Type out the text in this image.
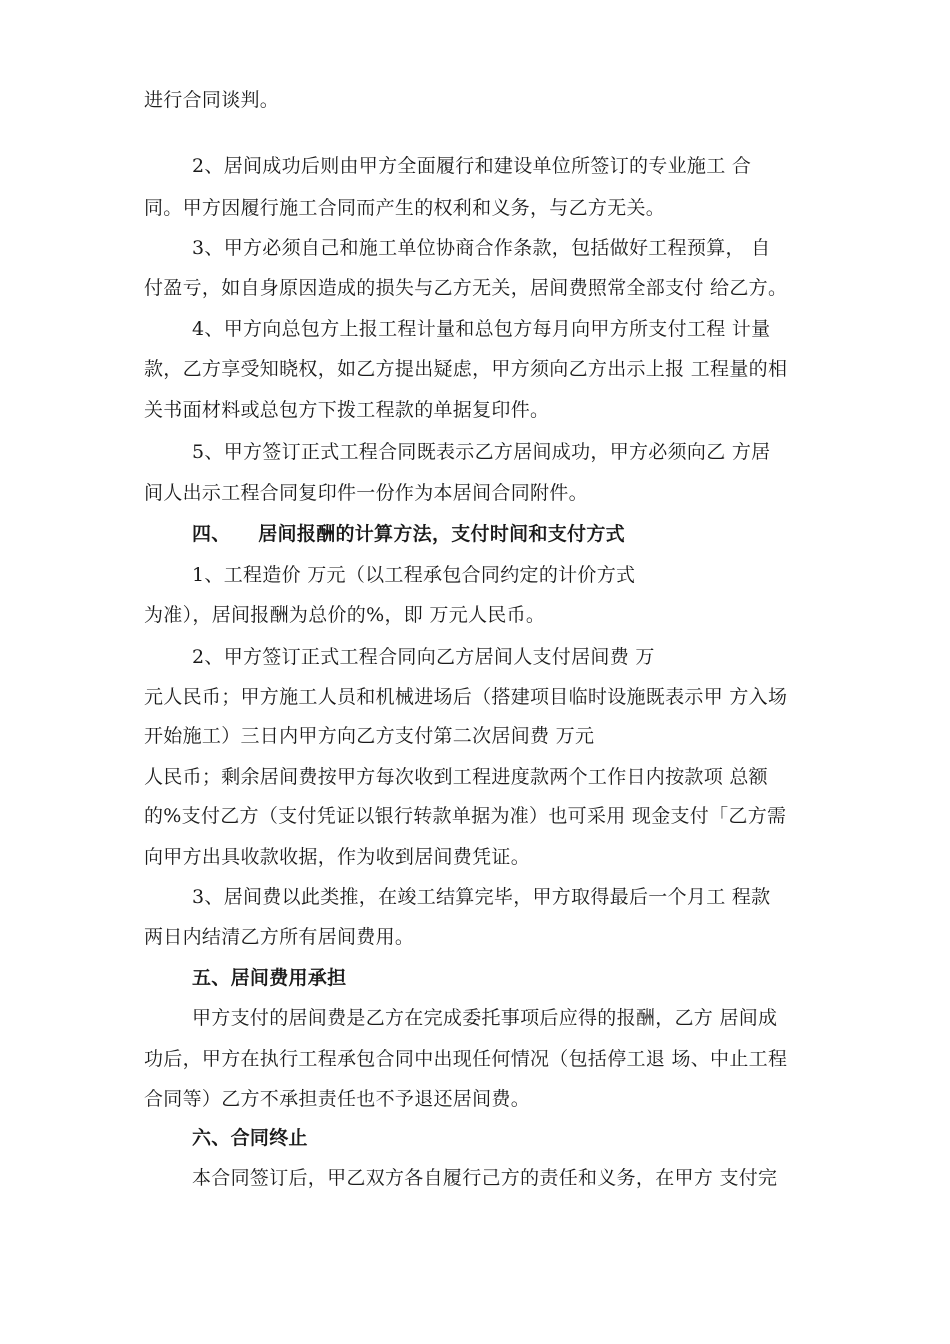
进行合同谈判。
2、居间成功后则由甲方全面履行和建设单位所签订的专业施工 合
同。甲方因履行施工合同而产生的权利和义务，与乙方无关。
3、甲方必须自己和施工单位协商合作条款，包括做好工程预算， 自
付盈亏，如自身原因造成的损失与乙方无关，居间费照常全部支付 给乙方。
4、甲方向总包方上报工程计量和总包方每月向甲方所支付工程 计量
款，乙方享受知晓权，如乙方提出疑虑，甲方须向乙方出示上报 工程量的相
关书面材料或总包方下拨工程款的单据复印件。
5、甲方签订正式工程合同既表示乙方居间成功，甲方必须向乙 方居
间人出示工程合同复印件一份作为本居间合同附件。
四、    居间报酬的计算方法，支付时间和支付方式
1、工程造价 万元（以工程承包合同约定的计价方式
为准），居间报酬为总价的%，即 万元人民币。
2、甲方签订正式工程合同向乙方居间人支付居间费 万
元人民币；甲方施工人员和机械进场后（搭建项目临时设施既表示甲 方入场
开始施工）三日内甲方向乙方支付第二次居间费 万元
人民币；剩余居间费按甲方每次收到工程进度款两个工作日内按款项 总额
的%支付乙方（支付凭证以银行转款单据为准）也可采用 现金支付「乙方需
向甲方出具收款收据，作为收到居间费凭证。
3、居间费以此类推，在竣工结算完毕，甲方取得最后一个月工 程款
两日内结清乙方所有居间费用。
五、居间费用承担
甲方支付的居间费是乙方在完成委托事项后应得的报酬，乙方 居间成
功后，甲方在执行工程承包合同中出现任何情况（包括停工退 场、中止工程
合同等）乙方不承担责任也不予退还居间费。
六、合同终止
本合同签订后，甲乙双方各自履行己方的责任和义务，在甲方 支付完
